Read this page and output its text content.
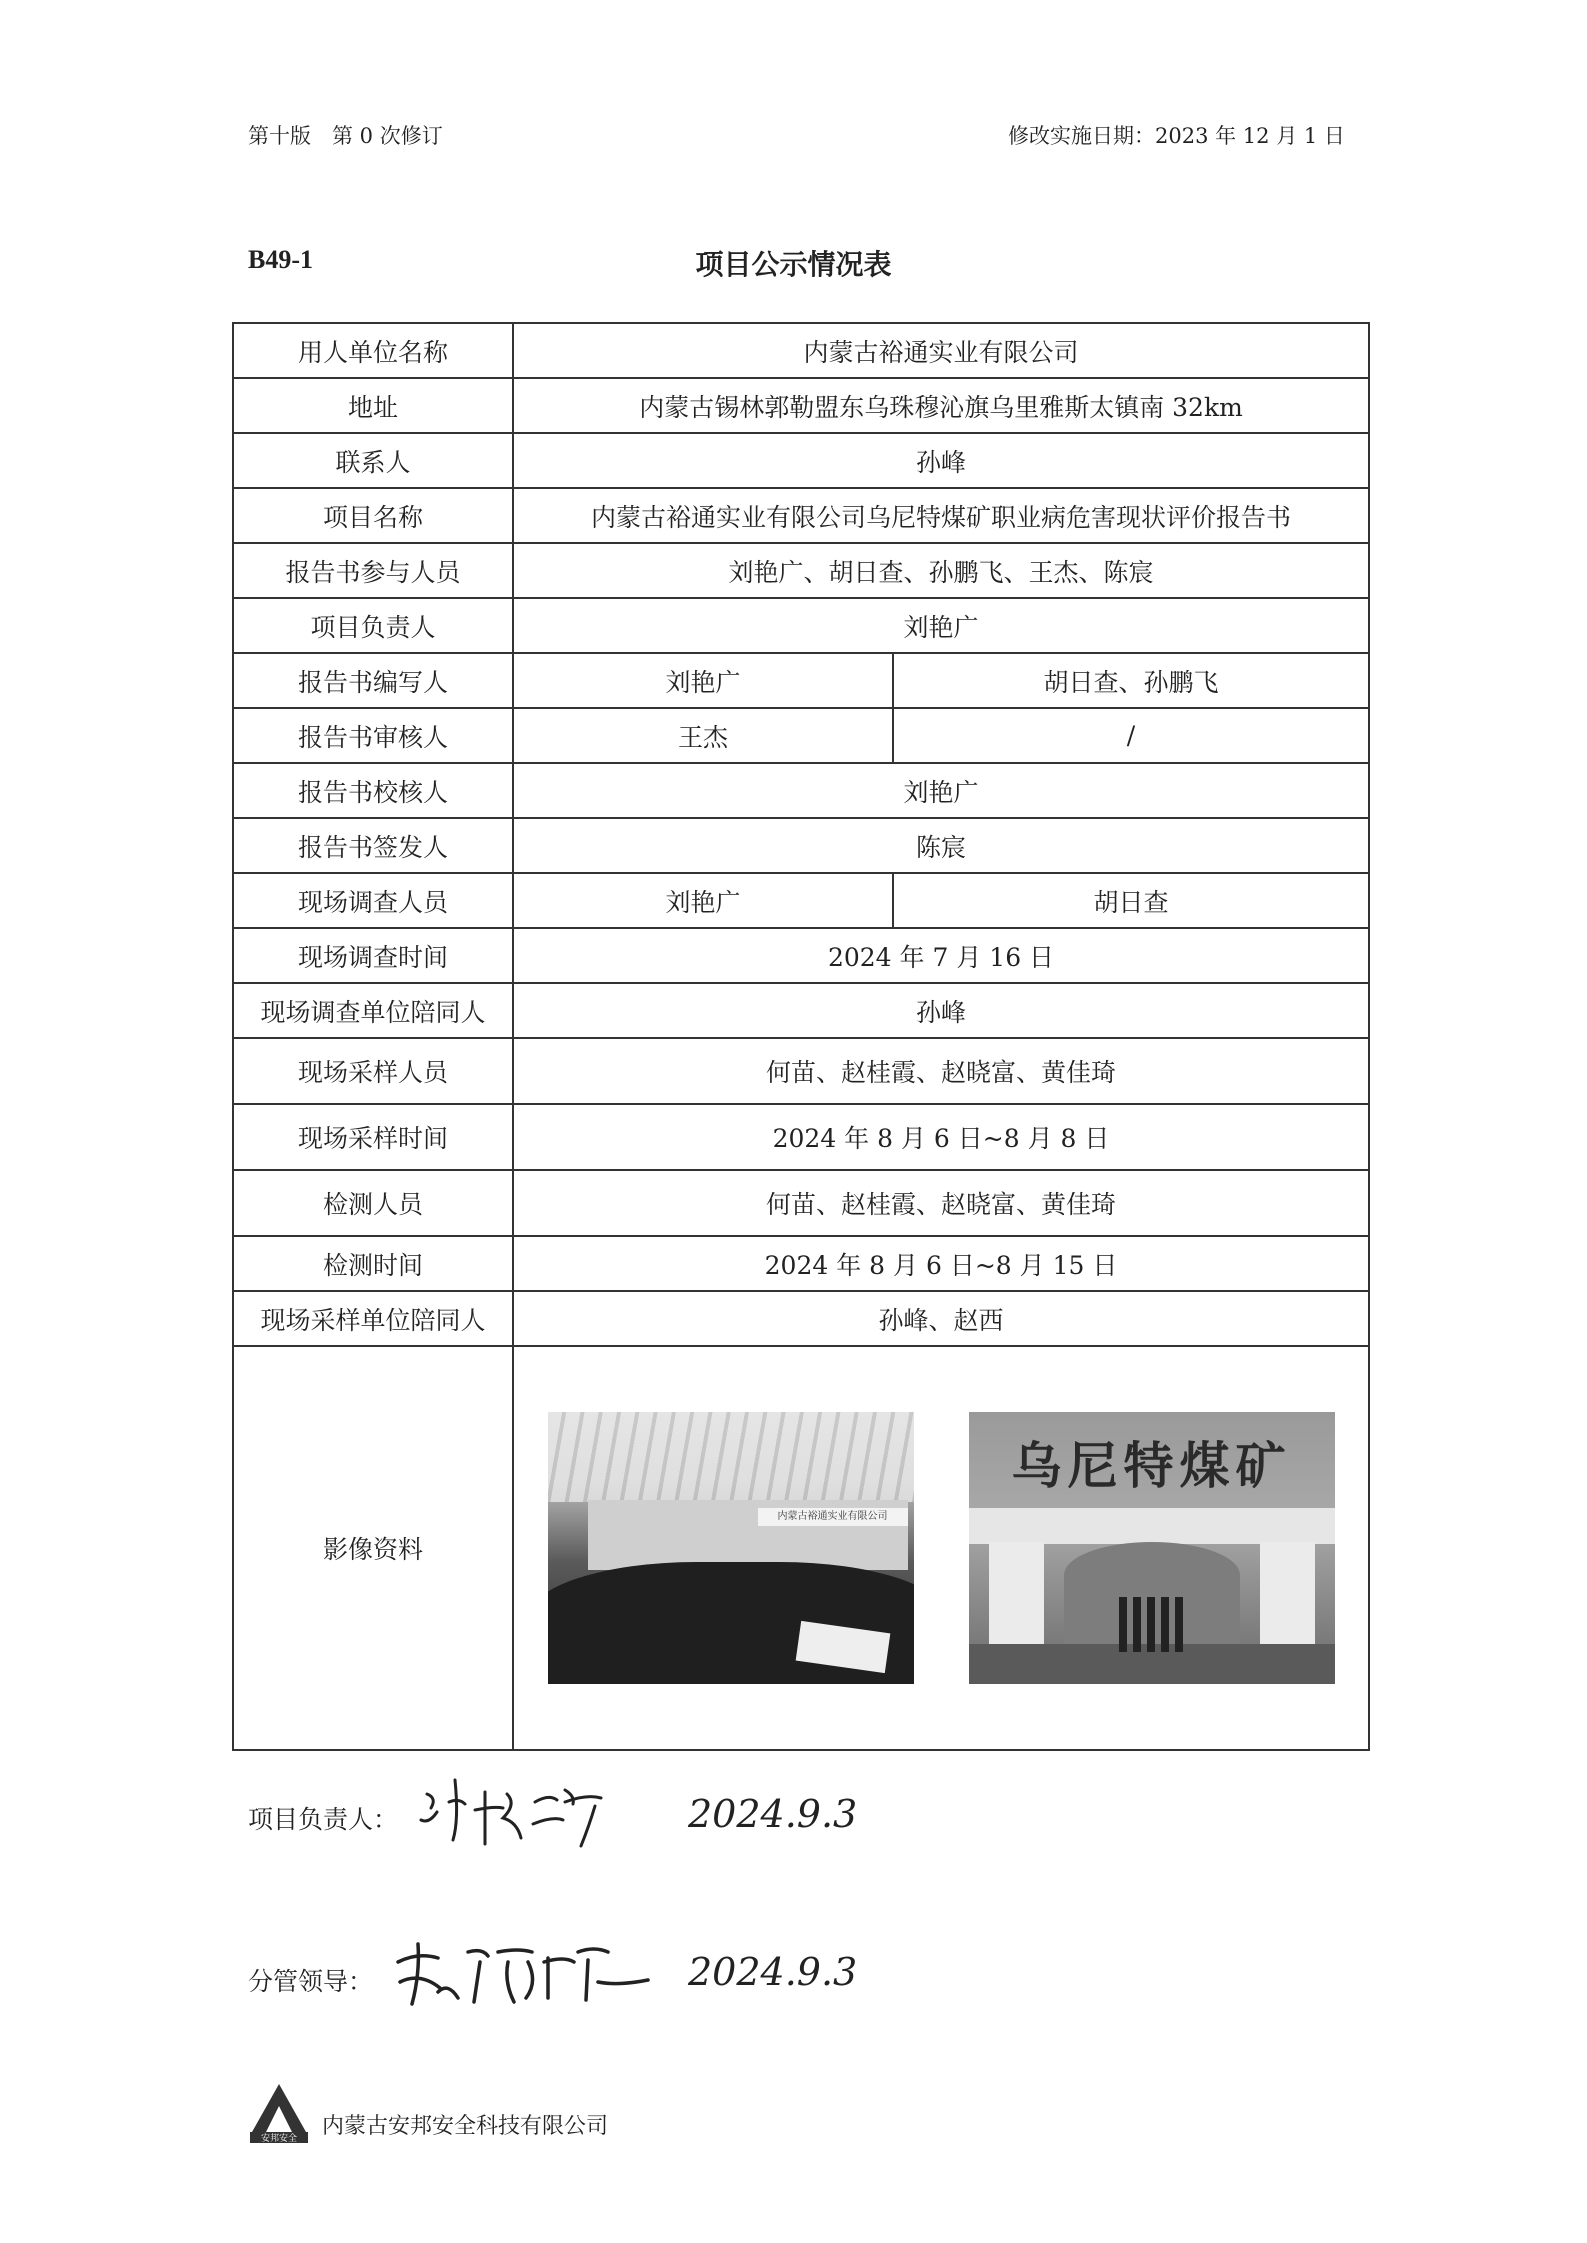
第十版　第 0 次修订	修改实施日期：2023 年 12 月 1 日
B49-1	项目公示情况表
用人单位名称	内蒙古裕通实业有限公司	
地址	内蒙古锡林郭勒盟东乌珠穆沁旗乌里雅斯太镇南 32km	
联系人	孙峰	
项目名称	内蒙古裕通实业有限公司乌尼特煤矿职业病危害现状评价报告书	
报告书参与人员	刘艳广、胡日查、孙鹏飞、王杰、陈宸	
项目负责人	刘艳广	
报告书编写人	刘艳广	胡日查、孙鹏飞
报告书审核人	王杰	/
报告书校核人	刘艳广	
报告书签发人	陈宸	
现场调查人员	刘艳广	胡日查
现场调查时间	2024 年 7 月 16 日	
现场调查单位陪同人	孙峰	
现场采样人员	何苗、赵桂霞、赵晓富、黄佳琦	
现场采样时间	2024 年 8 月 6 日~8 月 8 日	
检测人员	何苗、赵桂霞、赵晓富、黄佳琦	
检测时间	2024 年 8 月 6 日~8 月 15 日	
现场采样单位陪同人	孙峰、赵西	
影像资料	内蒙古裕通实业有限公司
乌尼特煤矿	
项目负责人：	2024.9.3
分管领导：	2024.9.3
安邦安全
内蒙古安邦安全科技有限公司
